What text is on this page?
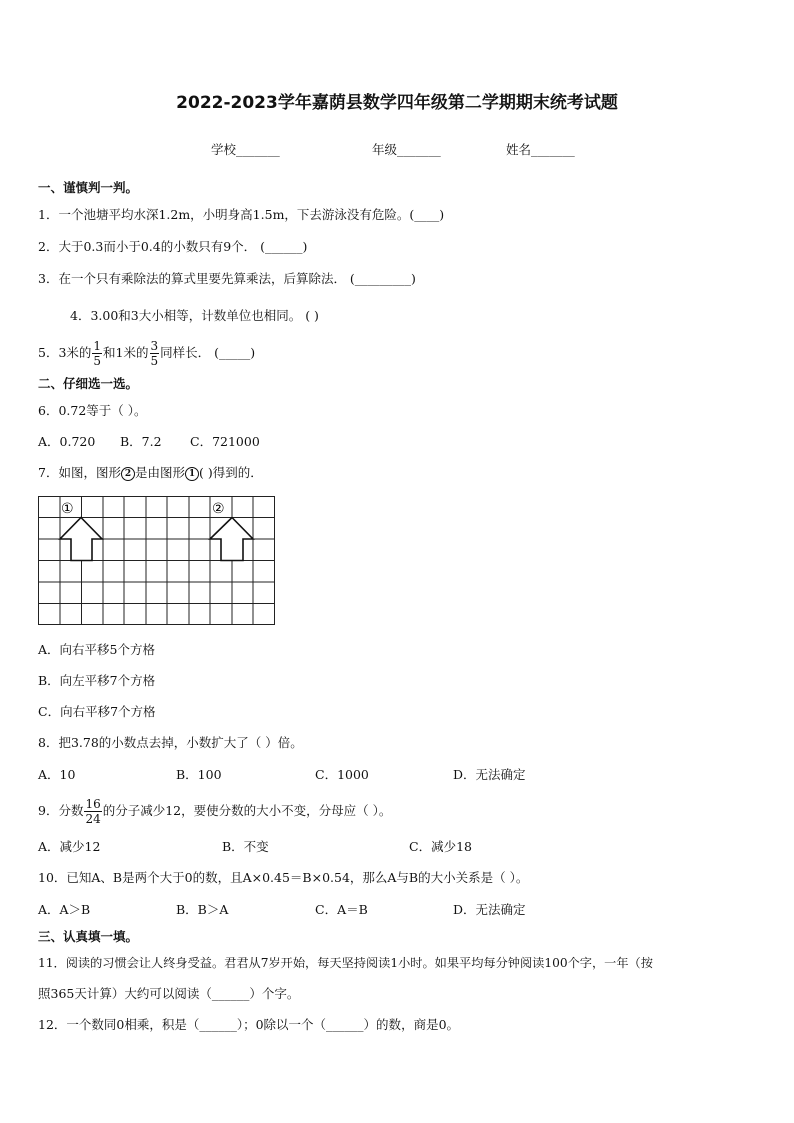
2022-2023学年嘉荫县数学四年级第二学期期末统考试题
学校_______	年级_______	姓名_______
一、谨慎判一判。
1．一个池塘平均水深1.2m，小明身高1.5m，下去游泳没有危险。(____)
2．大于0.3而小于0.4的小数只有9个． (______)
3．在一个只有乘除法的算式里要先算乘法，后算除法． (_________)
4．3.00和3大小相等，计数单位也相同。 ( )
5．3米的 $\frac{1}{5}$ 和1米的 $\frac{3}{5}$ 同样长． (_____)
二、仔细选一选。
6．0.72等于（ ）。
A．0.720 B．7.2 C．721000
7．如图，图形 2 是由图形 1 ( )得到的．
①	②
A．向右平移5个方格
B．向左平移7个方格
C．向右平移7个方格
8．把3.78的小数点去掉，小数扩大了（ ）倍。
A．10	B．100	C．1000	D．无法确定
9．分数 $\frac{16}{24}$ 的分子减少12，要使分数的大小不变，分母应（ ）。
A．减少12	B．不变	C．减少18
10．已知A、B是两个大于0的数，且A×0.45＝B×0.54，那么A与B的大小关系是（ ）。
A．A＞B	B．B＞A	C．A＝B	D．无法确定
三、认真填一填。
11．阅读的习惯会让人终身受益。君君从7岁开始，每天坚持阅读1小时。如果平均每分钟阅读100个字，一年（按
照365天计算）大约可以阅读（______）个字。
12．一个数同0相乘，积是（______）；0除以一个（______）的数，商是0。
